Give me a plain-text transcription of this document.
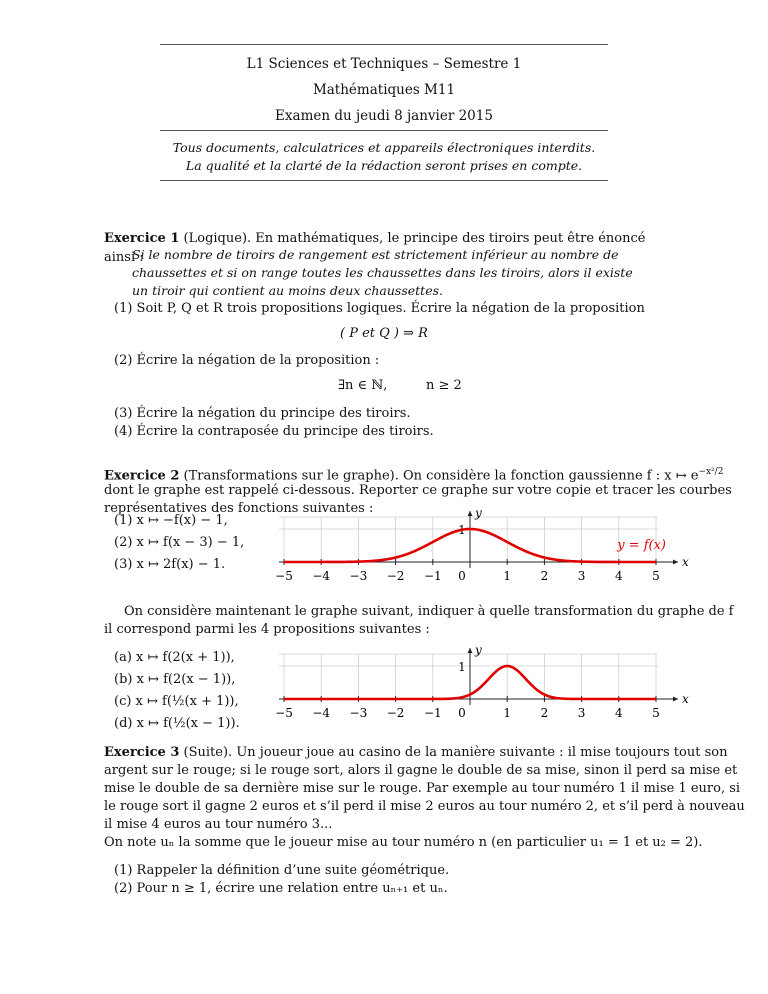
L1 Sciences et Techniques – Semestre 1
Mathématiques M11
Examen du jeudi 8 janvier 2015
Tous documents, calculatrices et appareils électroniques interdits.
La qualité et la clarté de la rédaction seront prises en compte.
Exercice 1 (Logique). En mathématiques, le principe des tiroirs peut être énoncé ainsi :
Si le nombre de tiroirs de rangement est strictement inférieur au nombre de
chaussettes et si on range toutes les chaussettes dans les tiroirs, alors il existe
un tiroir qui contient au moins deux chaussettes.
(1) Soit P, Q et R trois propositions logiques. Écrire la négation de la proposition
( P et Q ) ⇒ R
(2) Écrire la négation de la proposition :
∃n ∈ ℕ,	n ≥ 2
(3) Écrire la négation du principe des tiroirs.
(4) Écrire la contraposée du principe des tiroirs.
Exercice 2 (Transformations sur le graphe). On considère la fonction gaussienne f : x ↦ $e^{-x^2/2}$
dont le graphe est rappelé ci-dessous. Reporter ce graphe sur votre copie et tracer les courbes
représentatives des fonctions suivantes :
(1) x ↦ −f(x) − 1,
(2) x ↦ f(x − 3) − 1,
(3) x ↦ 2f(x) − 1.
−5 −4 −3 −2 −1 0	1 2 3 4 5
1
x
y
y = f(x)
On considère maintenant le graphe suivant, indiquer à quelle transformation du graphe de f
il correspond parmi les 4 propositions suivantes :
(a) x ↦ f(2(x + 1)),
(b) x ↦ f(2(x − 1)),
(c) x ↦ f(½(x + 1)),
(d) x ↦ f(½(x − 1)).
−5 −4 −3 −2 −1 0	1 2 3 4 5
1
x
y
Exercice 3 (Suite). Un joueur joue au casino de la manière suivante : il mise toujours tout son
argent sur le rouge; si le rouge sort, alors il gagne le double de sa mise, sinon il perd sa mise et
mise le double de sa dernière mise sur le rouge. Par exemple au tour numéro 1 il mise 1 euro, si
le rouge sort il gagne 2 euros et s’il perd il mise 2 euros au tour numéro 2, et s’il perd à nouveau
il mise 4 euros au tour numéro 3...
On note uₙ la somme que le joueur mise au tour numéro n (en particulier u₁ = 1 et u₂ = 2).
(1) Rappeler la définition d’une suite géométrique.
(2) Pour n ≥ 1, écrire une relation entre uₙ₊₁ et uₙ.
